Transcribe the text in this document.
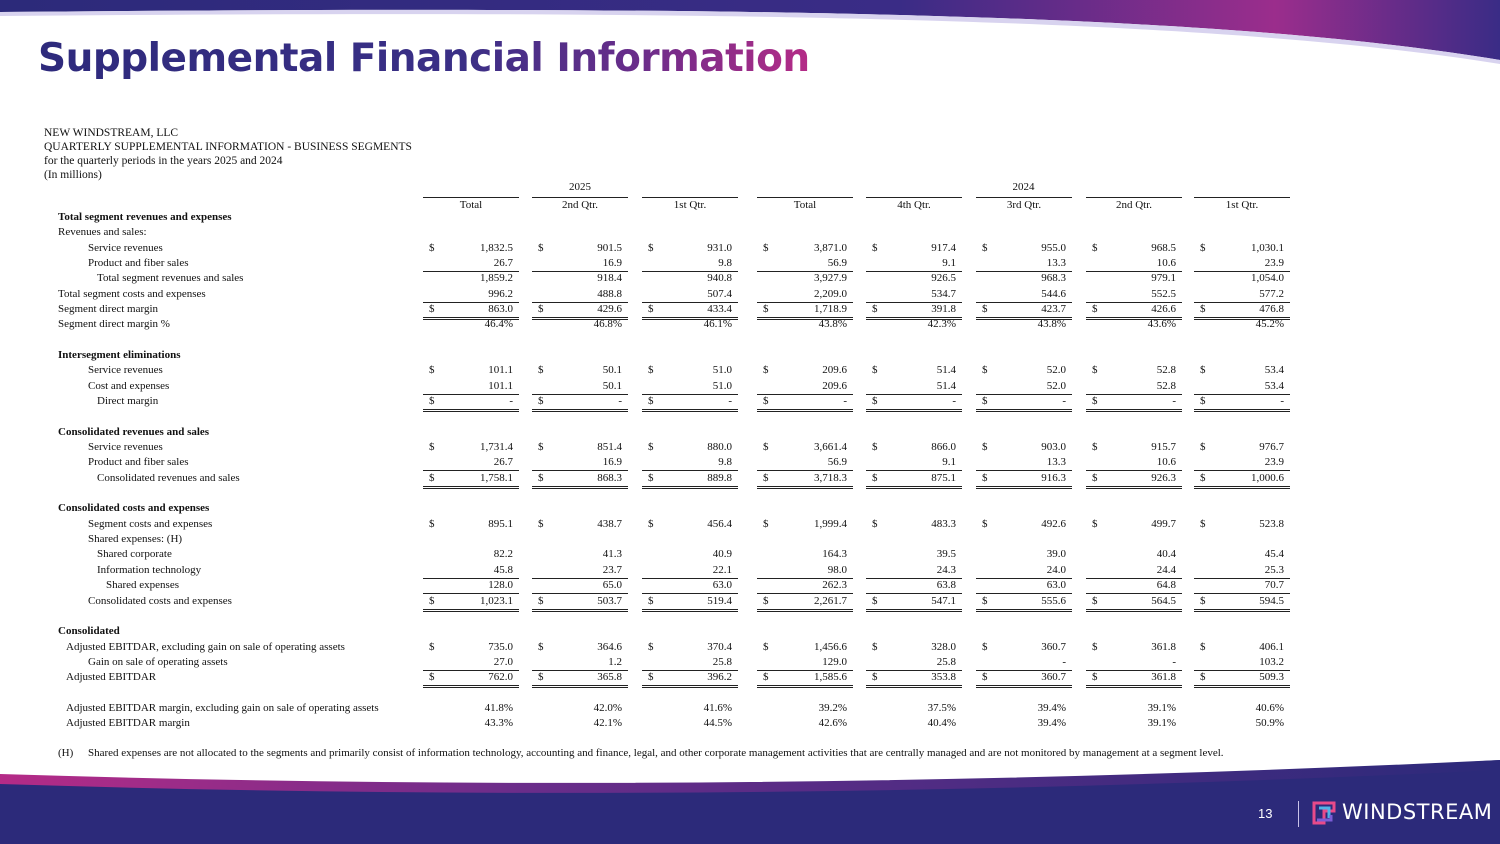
Supplemental Financial Information
NEW WINDSTREAM, LLC
QUARTERLY SUPPLEMENTAL INFORMATION - BUSINESS SEGMENTS
for the quarterly periods in the years 2025 and 2024
(In millions)
2025	2024
Total	2nd Qtr.	1st Qtr.	Total	4th Qtr.	3rd Qtr.	2nd Qtr.	1st Qtr.
Total segment revenues and expenses
Revenues and sales:
Service revenues	$	1,832.5 $	901.5 $	931.0	$	3,871.0 $	917.4 $	955.0 $	968.5 $	1,030.1
Product and fiber sales	26.7	16.9	9.8	56.9	9.1	13.3	10.6	23.9
Total segment revenues and sales	1,859.2	918.4	940.8	3,927.9	926.5	968.3	979.1	1,054.0
Total segment costs and expenses	996.2	488.8	507.4	2,209.0	534.7	544.6	552.5	577.2
Segment direct margin	$	863.0 $	429.6 $	433.4	$	1,718.9 $	391.8 $	423.7 $	426.6 $	476.8
Segment direct margin %	46.4%	46.8%	46.1%	43.8%	42.3%	43.8%	43.6%	45.2%
Intersegment eliminations
Service revenues	$	101.1 $	50.1 $	51.0	$	209.6 $	51.4 $	52.0 $	52.8 $	53.4
Cost and expenses	101.1	50.1	51.0	209.6	51.4	52.0	52.8	53.4
Direct margin	$	- $	- $	-	$	- $	- $	- $	- $	-
Consolidated revenues and sales
Service revenues	$	1,731.4 $	851.4 $	880.0	$	3,661.4 $	866.0 $	903.0 $	915.7 $	976.7
Product and fiber sales	26.7	16.9	9.8	56.9	9.1	13.3	10.6	23.9
Consolidated revenues and sales	$	1,758.1 $	868.3 $	889.8	$	3,718.3 $	875.1 $	916.3 $	926.3 $	1,000.6
Consolidated costs and expenses
Segment costs and expenses	$	895.1 $	438.7 $	456.4	$	1,999.4 $	483.3 $	492.6 $	499.7 $	523.8
Shared expenses: (H)
Shared corporate	82.2	41.3	40.9	164.3	39.5	39.0	40.4	45.4
Information technology	45.8	23.7	22.1	98.0	24.3	24.0	24.4	25.3
Shared expenses	128.0	65.0	63.0	262.3	63.8	63.0	64.8	70.7
Consolidated costs and expenses	$	1,023.1 $	503.7 $	519.4	$	2,261.7 $	547.1 $	555.6 $	564.5 $	594.5
Consolidated
Adjusted EBITDAR, excluding gain on sale of operating assets	$	735.0 $	364.6 $	370.4	$	1,456.6 $	328.0 $	360.7 $	361.8 $	406.1
Gain on sale of operating assets	27.0	1.2	25.8	129.0	25.8	-	-	103.2
Adjusted EBITDAR	$	762.0 $	365.8 $	396.2	$	1,585.6 $	353.8 $	360.7 $	361.8 $	509.3
Adjusted EBITDAR margin, excluding gain on sale of operating assets	41.8%	42.0%	41.6%	39.2%	37.5%	39.4%	39.1%	40.6%
Adjusted EBITDAR margin	43.3%	42.1%	44.5%	42.6%	40.4%	39.4%	39.1%	50.9%
(H) Shared expenses are not allocated to the segments and primarily consist of information technology, accounting and finance, legal, and other corporate management activities that are centrally managed and are not monitored by management at a segment level.
13	WINDSTREAM
